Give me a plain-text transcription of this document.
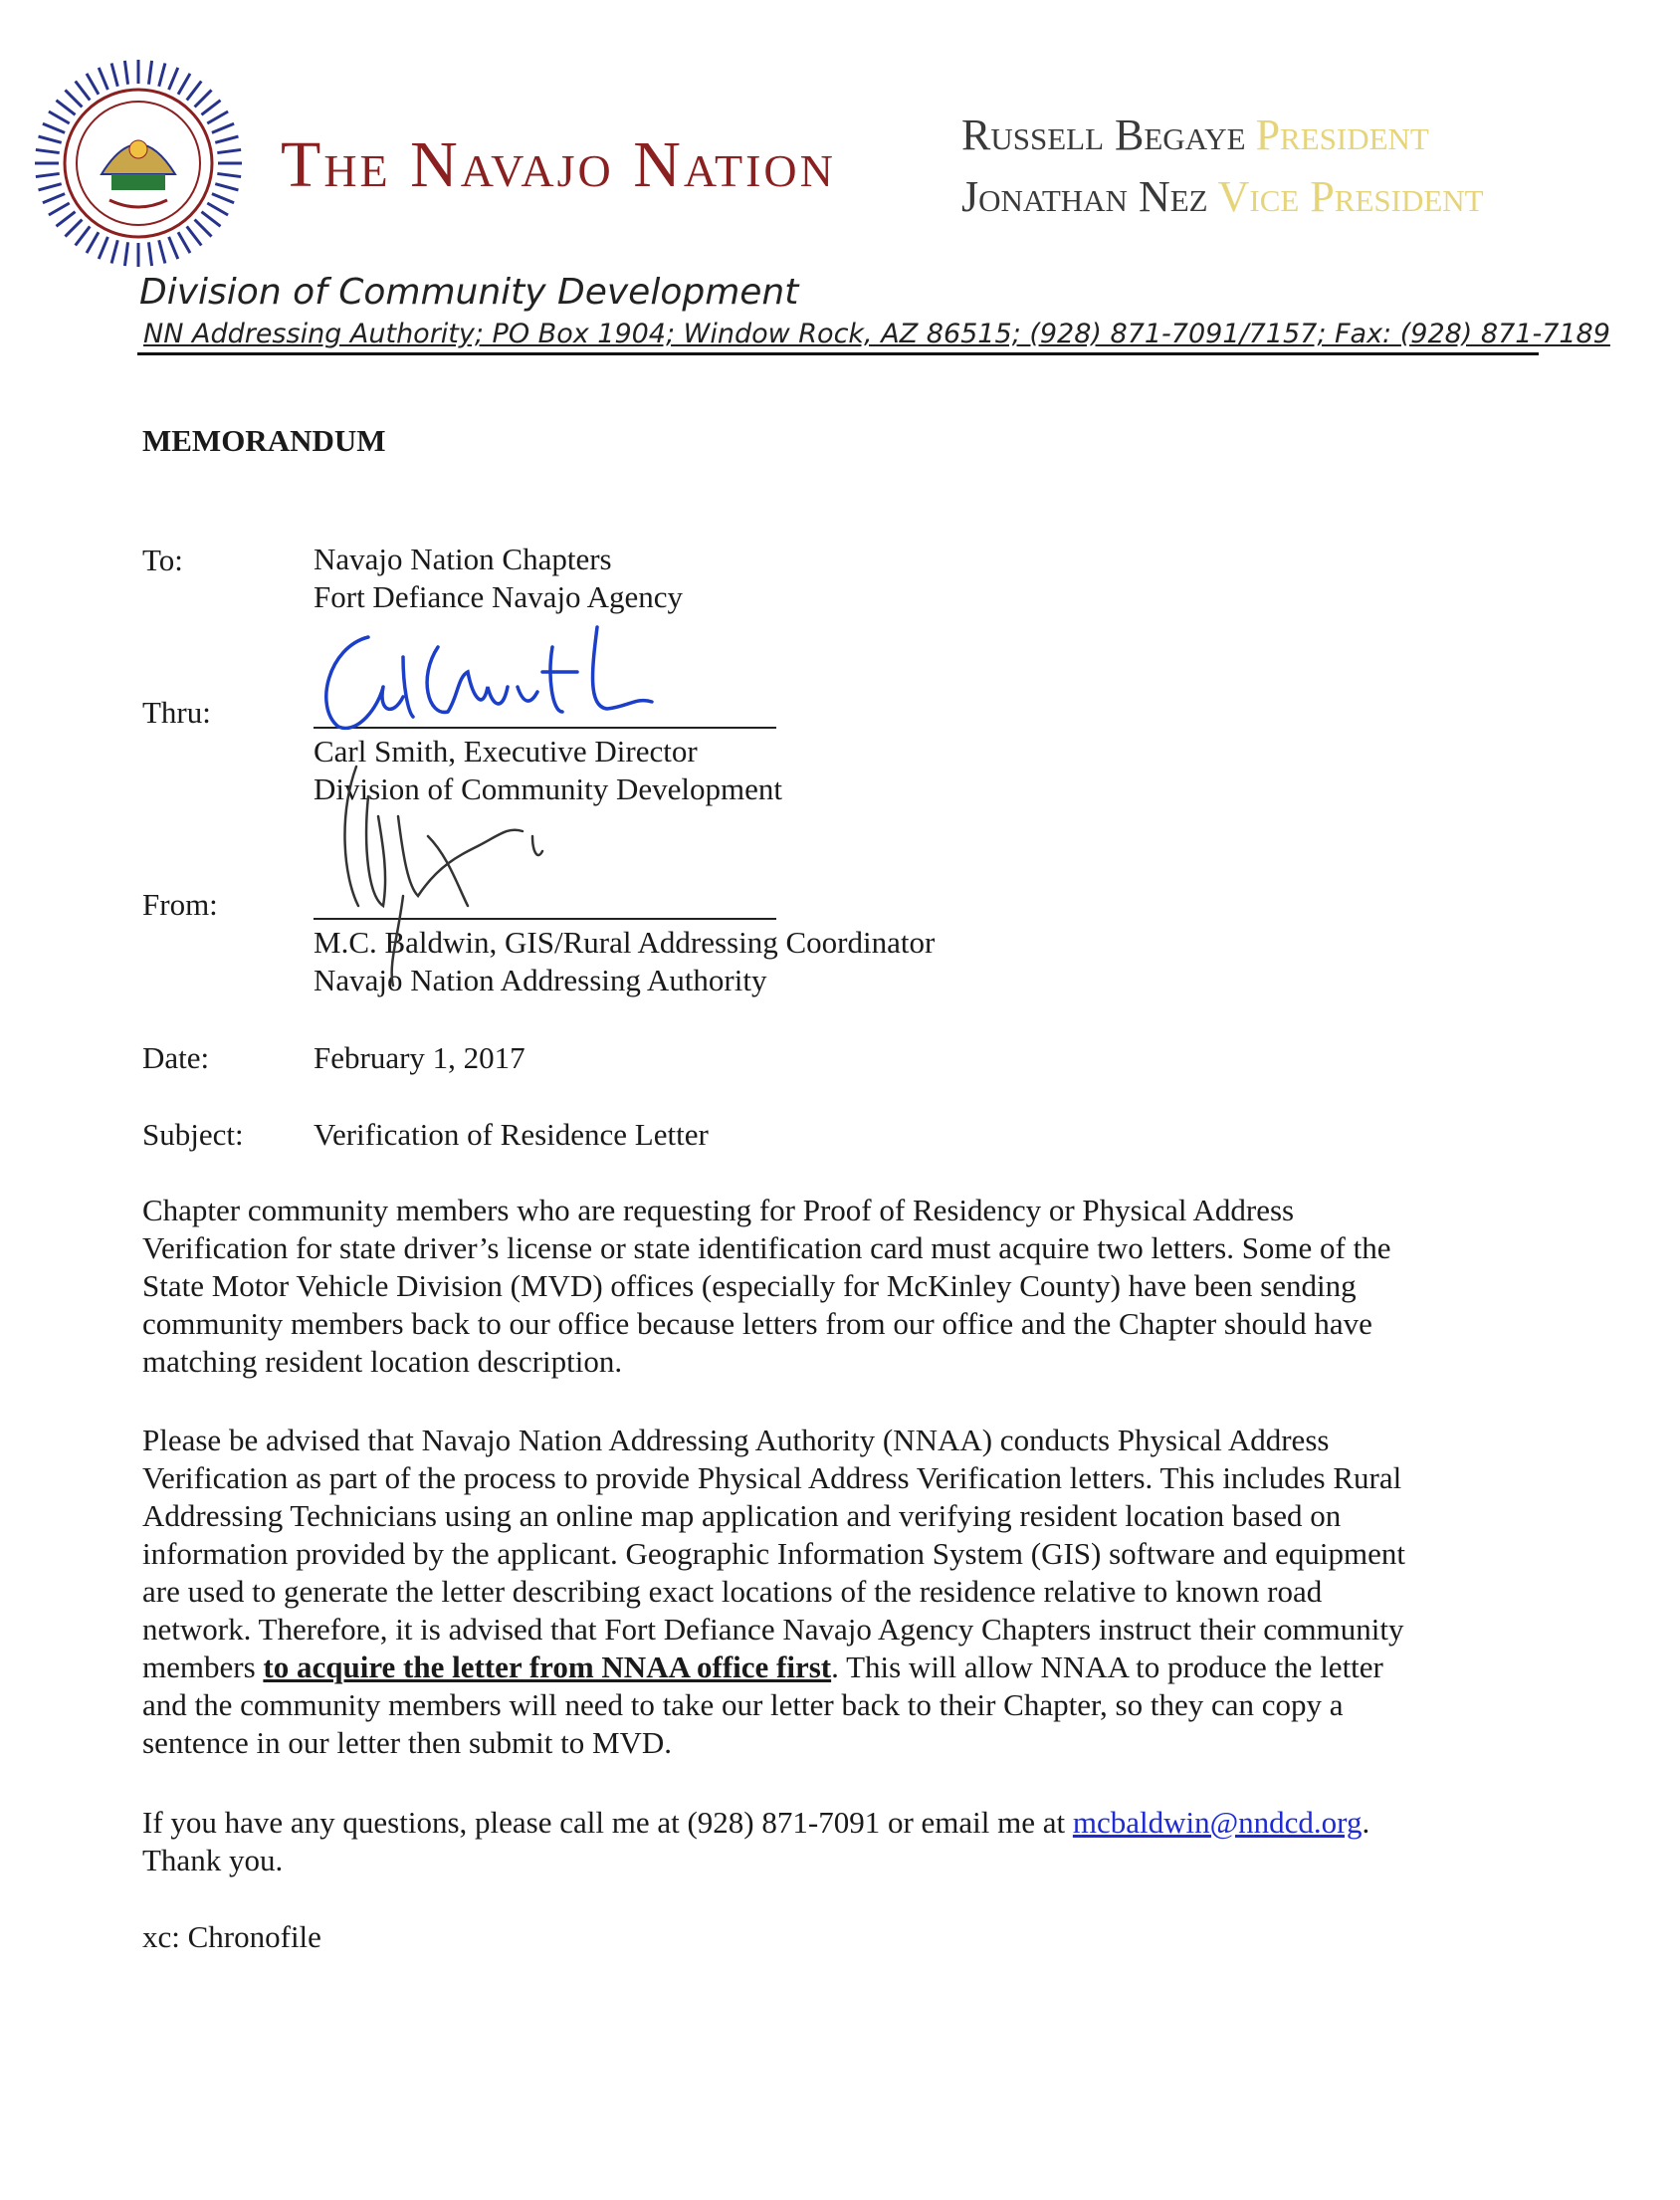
The Navajo Nation	Russell Begaye President
Jonathan Nez Vice President
Division of Community Development
NN Addressing Authority; PO Box 1904; Window Rock, AZ 86515; (928) 871-7091/7157; Fax: (928) 871-7189
MEMORANDUM
To:	Navajo Nation Chapters
Fort Defiance Navajo Agency
Thru:
Carl Smith, Executive Director
Division of Community Development
From:
M.C. Baldwin, GIS/Rural Addressing Coordinator
Navajo Nation Addressing Authority
Date:	February 1, 2017
Subject: Verification of Residence Letter
Chapter community members who are requesting for Proof of Residency or Physical Address
Verification for state driver’s license or state identification card must acquire two letters. Some of the
State Motor Vehicle Division (MVD) offices (especially for McKinley County) have been sending
community members back to our office because letters from our office and the Chapter should have
matching resident location description.
Please be advised that Navajo Nation Addressing Authority (NNAA) conducts Physical Address
Verification as part of the process to provide Physical Address Verification letters. This includes Rural
Addressing Technicians using an online map application and verifying resident location based on
information provided by the applicant. Geographic Information System (GIS) software and equipment
are used to generate the letter describing exact locations of the residence relative to known road
network. Therefore, it is advised that Fort Defiance Navajo Agency Chapters instruct their community
members to acquire the letter from NNAA office first. This will allow NNAA to produce the letter
and the community members will need to take our letter back to their Chapter, so they can copy a
sentence in our letter then submit to MVD.
If you have any questions, please call me at (928) 871-7091 or email me at mcbaldwin@nndcd.org.
Thank you.
xc: Chronofile
